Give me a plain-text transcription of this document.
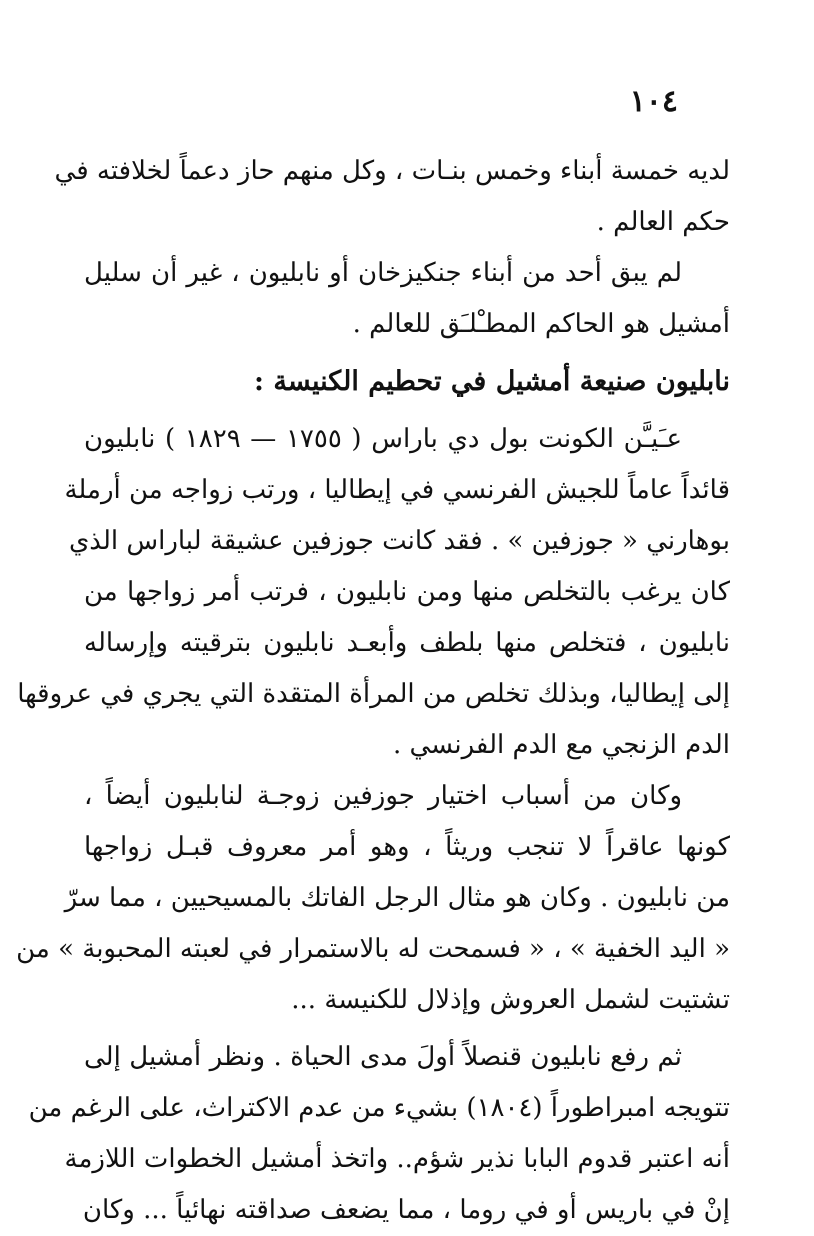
١٠٤
لديه خمسة أبناء وخمس بنـات ، وكل منهم حاز دعماً لخلافته في
حكم العالم .
لم يبق أحد من أبناء جنكيزخان أو نابليون ، غير أن سليل
أمشيل هو الحاكم المطـْلـَق للعالم .
نابليون صنيعة أمشيل في تحطيم الكنيسة :
عـَيـَّن الكونت بول دي باراس ( ١٧٥٥ — ١٨٢٩ ) نابليون
قائداً عاماً للجيش الفرنسي في إيطاليا ، ورتب زواجه من أرملة
بوهارني « جوزفين » . فقد كانت جوزفين عشيقة لباراس الذي
كان يرغب بالتخلص منها ومن نابليون ، فرتب أمر زواجها من
نابليون ، فتخلص منها بلطف وأبعـد نابليون بترقيته وإرساله
إلى إيطاليا، وبذلك تخلص من المرأة المتقدة التي يجري في عروقها
الدم الزنجي مع الدم الفرنسي .
وكان من أسباب اختيار جوزفين زوجـة لنابليون أيضاً ،
كونها عاقراً لا تنجب وريثاً ، وهو أمر معروف قبـل زواجها
من نابليون . وكان هو مثال الرجل الفاتك بالمسيحيين ، مما سرّ
« اليد الخفية » ، « فسمحت له بالاستمرار في لعبته المحبوبة » من
تشتيت لشمل العروش وإذلال للكنيسة ...
ثم رفع نابليون قنصلاً أولَ مدى الحياة . ونظر أمشيل إلى
تتويجه امبراطوراً (١٨٠٤) بشيء من عدم الاكتراث، على الرغم من
أنه اعتبر قدوم البابا نذير شؤم.. واتخذ أمشيل الخطوات اللازمة
إنْ في باريس أو في روما ، مما يضعف صداقته نهائياً ... وكان
